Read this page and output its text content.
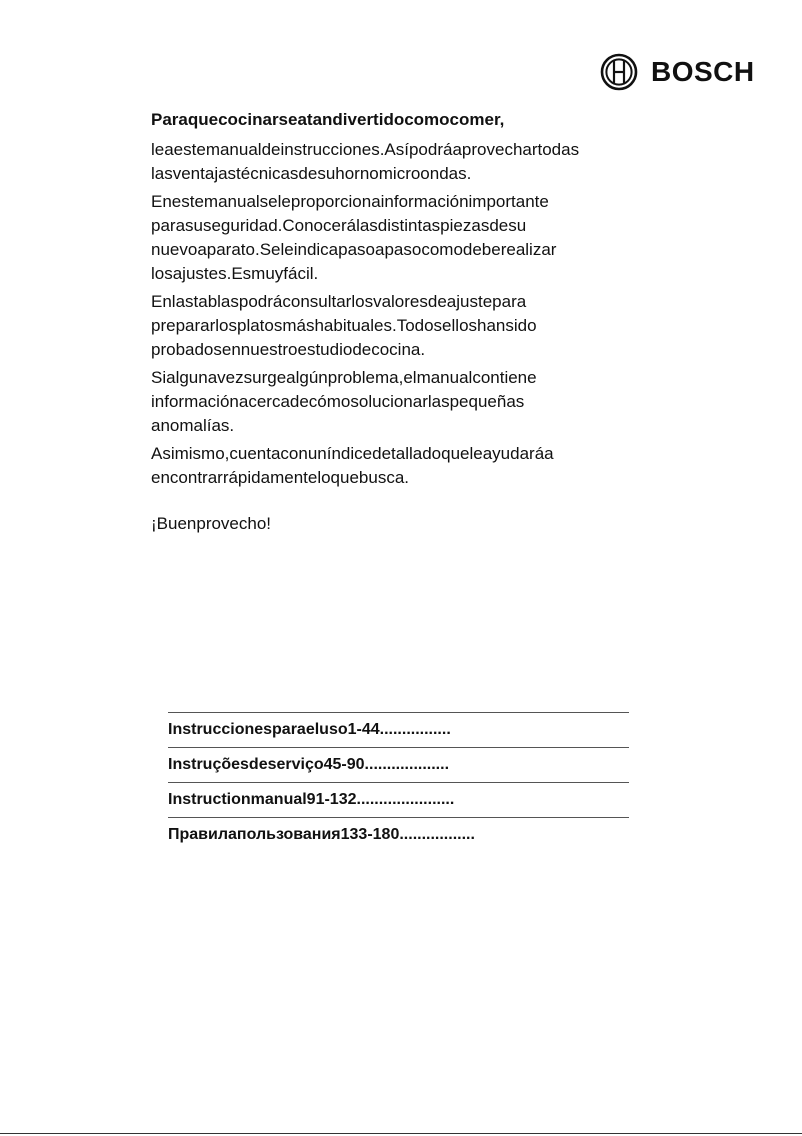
BOSCH
Paraquecocinarseatandivertidocomocomer,
leaestemanualdeinstrucciones.Asípodráaprovechartodas
lasventajastécnicasdesuhornomicroondas.
Enestemanualseleproporcionainformaciónimportante
parasuseguridad.Conocerálasdistintaspiezasdesu
nuevoaparato.Seleindicapasoapasocomodeberealizar
losajustes.Esmuyfácil.
Enlastablaspodráconsultarlosvaloresdeajustepara
prepararlosplatosmáshabituales.Todoselloshansido
probadosennuestroestudiodecocina.
Sialgunavezsurgealgúnproblema,elmanualcontiene
informaciónacercadecómosolucionarlaspequeñas
anomalías.
Asimismo,cuentaconuníndicedetalladoqueleayudaráa
encontrarrápidamenteloquebusca.
¡Buenprovecho!
Instruccionesparaeluso1-44................
Instruçõesdeserviço45-90...................
Instructionmanual91-132......................
Правилапользования133-180.................
